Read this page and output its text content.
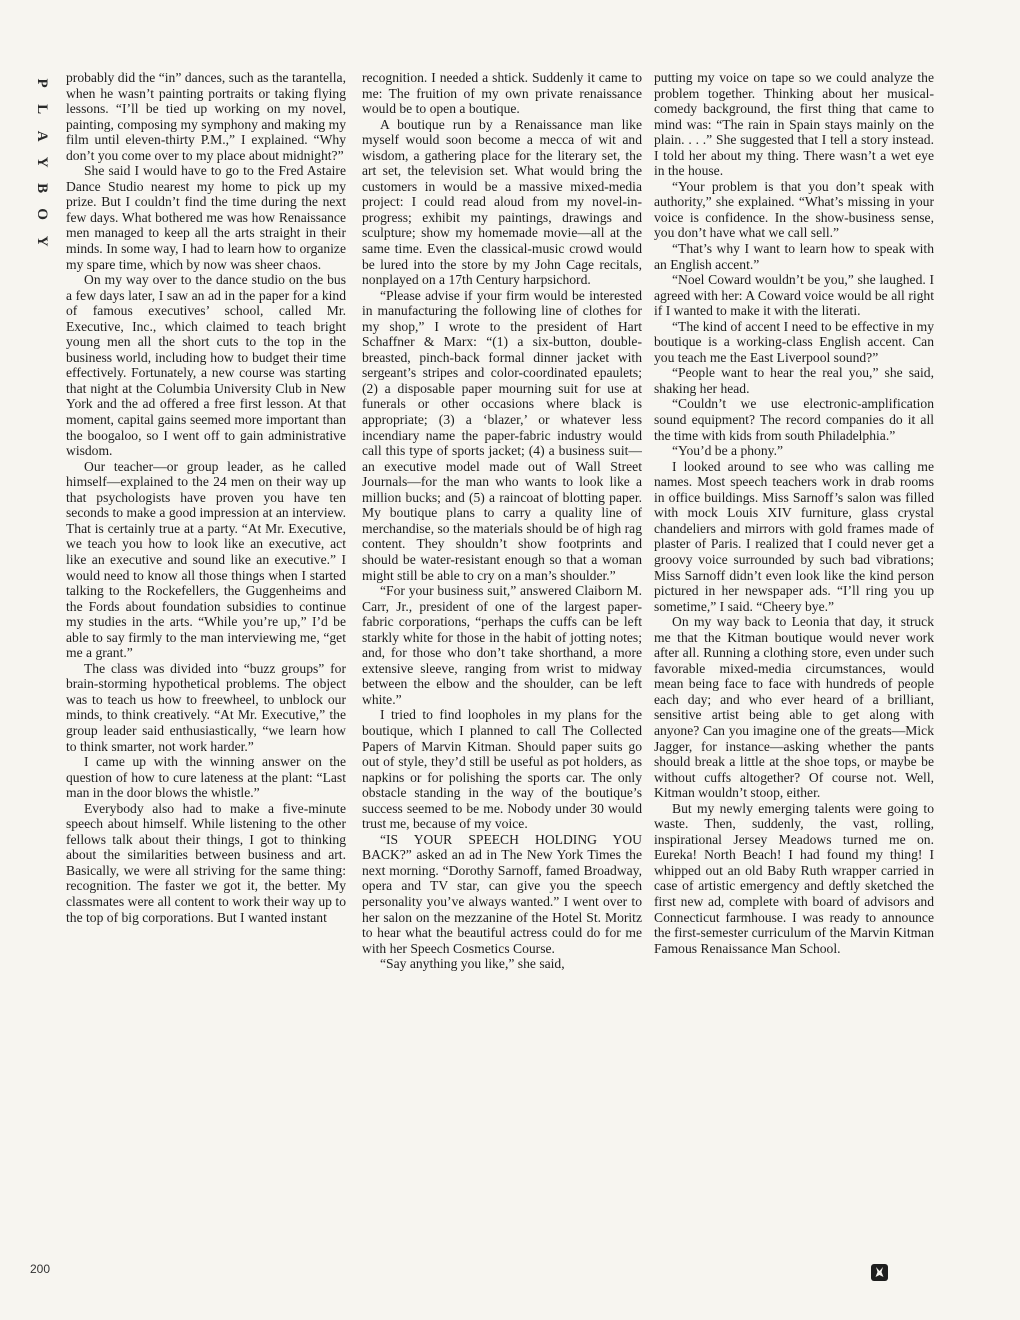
P
L
A
Y
B
O
Y

probably did the “in” dances, such as the tarantella, when he wasn’t painting portraits or taking flying lessons. “I’ll be tied up working on my novel, painting, composing my symphony and making my film until eleven-thirty P.M.,” I explained. “Why don’t you come over to my place about midnight?”

She said I would have to go to the Fred Astaire Dance Studio nearest my home to pick up my prize. But I couldn’t find the time during the next few days. What bothered me was how Renaissance men managed to keep all the arts straight in their minds. In some way, I had to learn how to organize my spare time, which by now was sheer chaos.

On my way over to the dance studio on the bus a few days later, I saw an ad in the paper for a kind of famous executives’ school, called Mr. Executive, Inc., which claimed to teach bright young men all the short cuts to the top in the business world, including how to budget their time effectively. Fortunately, a new course was starting that night at the Columbia University Club in New York and the ad offered a free first lesson. At that moment, capital gains seemed more important than the boogaloo, so I went off to gain administrative wisdom.

Our teacher—or group leader, as he called himself—explained to the 24 men on their way up that psychologists have proven you have ten seconds to make a good impression at an interview. That is certainly true at a party. “At Mr. Executive, we teach you how to look like an executive, act like an executive and sound like an executive.” I would need to know all those things when I started talking to the Rockefellers, the Guggenheims and the Fords about foundation subsidies to continue my studies in the arts. “While you’re up,” I’d be able to say firmly to the man interviewing me, “get me a grant.”

The class was divided into “buzz groups” for brain-storming hypothetical problems. The object was to teach us how to freewheel, to unblock our minds, to think creatively. “At Mr. Executive,” the group leader said enthusiastically, “we learn how to think smarter, not work harder.”

I came up with the winning answer on the question of how to cure lateness at the plant: “Last man in the door blows the whistle.”

Everybody also had to make a five-minute speech about himself. While listening to the other fellows talk about their things, I got to thinking about the similarities between business and art. Basically, we were all striving for the same thing: recognition. The faster we got it, the better. My classmates were all content to work their way up to the top of big corporations. But I wanted instant

recognition. I needed a shtick. Suddenly it came to me: The fruition of my own private renaissance would be to open a boutique.

A boutique run by a Renaissance man like myself would soon become a mecca of wit and wisdom, a gathering place for the literary set, the art set, the television set. What would bring the customers in would be a massive mixed-media project: I could read aloud from my novel-in-progress; exhibit my paintings, drawings and sculpture; show my homemade movie—all at the same time. Even the classical-music crowd would be lured into the store by my John Cage recitals, nonplayed on a 17th Century harpsichord.

“Please advise if your firm would be interested in manufacturing the following line of clothes for my shop,” I wrote to the president of Hart Schaffner & Marx: “(1) a six-button, double-breasted, pinch-back formal dinner jacket with sergeant’s stripes and color-coordinated epaulets; (2) a disposable paper mourning suit for use at funerals or other occasions where black is appropriate; (3) a ‘blazer,’ or whatever less incendiary name the paper-fabric industry would call this type of sports jacket; (4) a business suit—an executive model made out of Wall Street Journals—for the man who wants to look like a million bucks; and (5) a raincoat of blotting paper. My boutique plans to carry a quality line of merchandise, so the materials should be of high rag content. They shouldn’t show footprints and should be water-resistant enough so that a woman might still be able to cry on a man’s shoulder.”

“For your business suit,” answered Claiborn M. Carr, Jr., president of one of the largest paper-fabric corporations, “perhaps the cuffs can be left starkly white for those in the habit of jotting notes; and, for those who don’t take shorthand, a more extensive sleeve, ranging from wrist to midway between the elbow and the shoulder, can be left white.”

I tried to find loopholes in my plans for the boutique, which I planned to call The Collected Papers of Marvin Kitman. Should paper suits go out of style, they’d still be useful as pot holders, as napkins or for polishing the sports car. The only obstacle standing in the way of the boutique’s success seemed to be me. Nobody under 30 would trust me, because of my voice.

“IS YOUR SPEECH HOLDING YOU BACK?” asked an ad in The New York Times the next morning. “Dorothy Sarnoff, famed Broadway, opera and TV star, can give you the speech personality you’ve always wanted.” I went over to her salon on the mezzanine of the Hotel St. Moritz to hear what the beautiful actress could do for me with her Speech Cosmetics Course.

“Say anything you like,” she said,

putting my voice on tape so we could analyze the problem together. Thinking about her musical-comedy background, the first thing that came to mind was: “The rain in Spain stays mainly on the plain. . . .” She suggested that I tell a story instead. I told her about my thing. There wasn’t a wet eye in the house.

“Your problem is that you don’t speak with authority,” she explained. “What’s missing in your voice is confidence. In the show-business sense, you don’t have what we call sell.”

“That’s why I want to learn how to speak with an English accent.”

“Noel Coward wouldn’t be you,” she laughed. I agreed with her: A Coward voice would be all right if I wanted to make it with the literati.

“The kind of accent I need to be effective in my boutique is a working-class English accent. Can you teach me the East Liverpool sound?”

“People want to hear the real you,” she said, shaking her head.

“Couldn’t we use electronic-amplification sound equipment? The record companies do it all the time with kids from south Philadelphia.”

“You’d be a phony.”

I looked around to see who was calling me names. Most speech teachers work in drab rooms in office buildings. Miss Sarnoff’s salon was filled with mock Louis XIV furniture, glass crystal chandeliers and mirrors with gold frames made of plaster of Paris. I realized that I could never get a groovy voice surrounded by such bad vibrations; Miss Sarnoff didn’t even look like the kind person pictured in her newspaper ads. “I’ll ring you up sometime,” I said. “Cheery bye.”

On my way back to Leonia that day, it struck me that the Kitman boutique would never work after all. Running a clothing store, even under such favorable mixed-media circumstances, would mean being face to face with hundreds of people each day; and who ever heard of a brilliant, sensitive artist being able to get along with anyone? Can you imagine one of the greats—Mick Jagger, for instance—asking whether the pants should break a little at the shoe tops, or maybe be without cuffs altogether? Of course not. Well, Kitman wouldn’t stoop, either.

But my newly emerging talents were going to waste. Then, suddenly, the vast, rolling, inspirational Jersey Meadows turned me on. Eureka! North Beach! I had found my thing! I whipped out an old Baby Ruth wrapper carried in case of artistic emergency and deftly sketched the first new ad, complete with board of advisors and Connecticut farmhouse. I was ready to announce the first-semester curriculum of the Marvin Kitman Famous Renaissance Man School.

200
